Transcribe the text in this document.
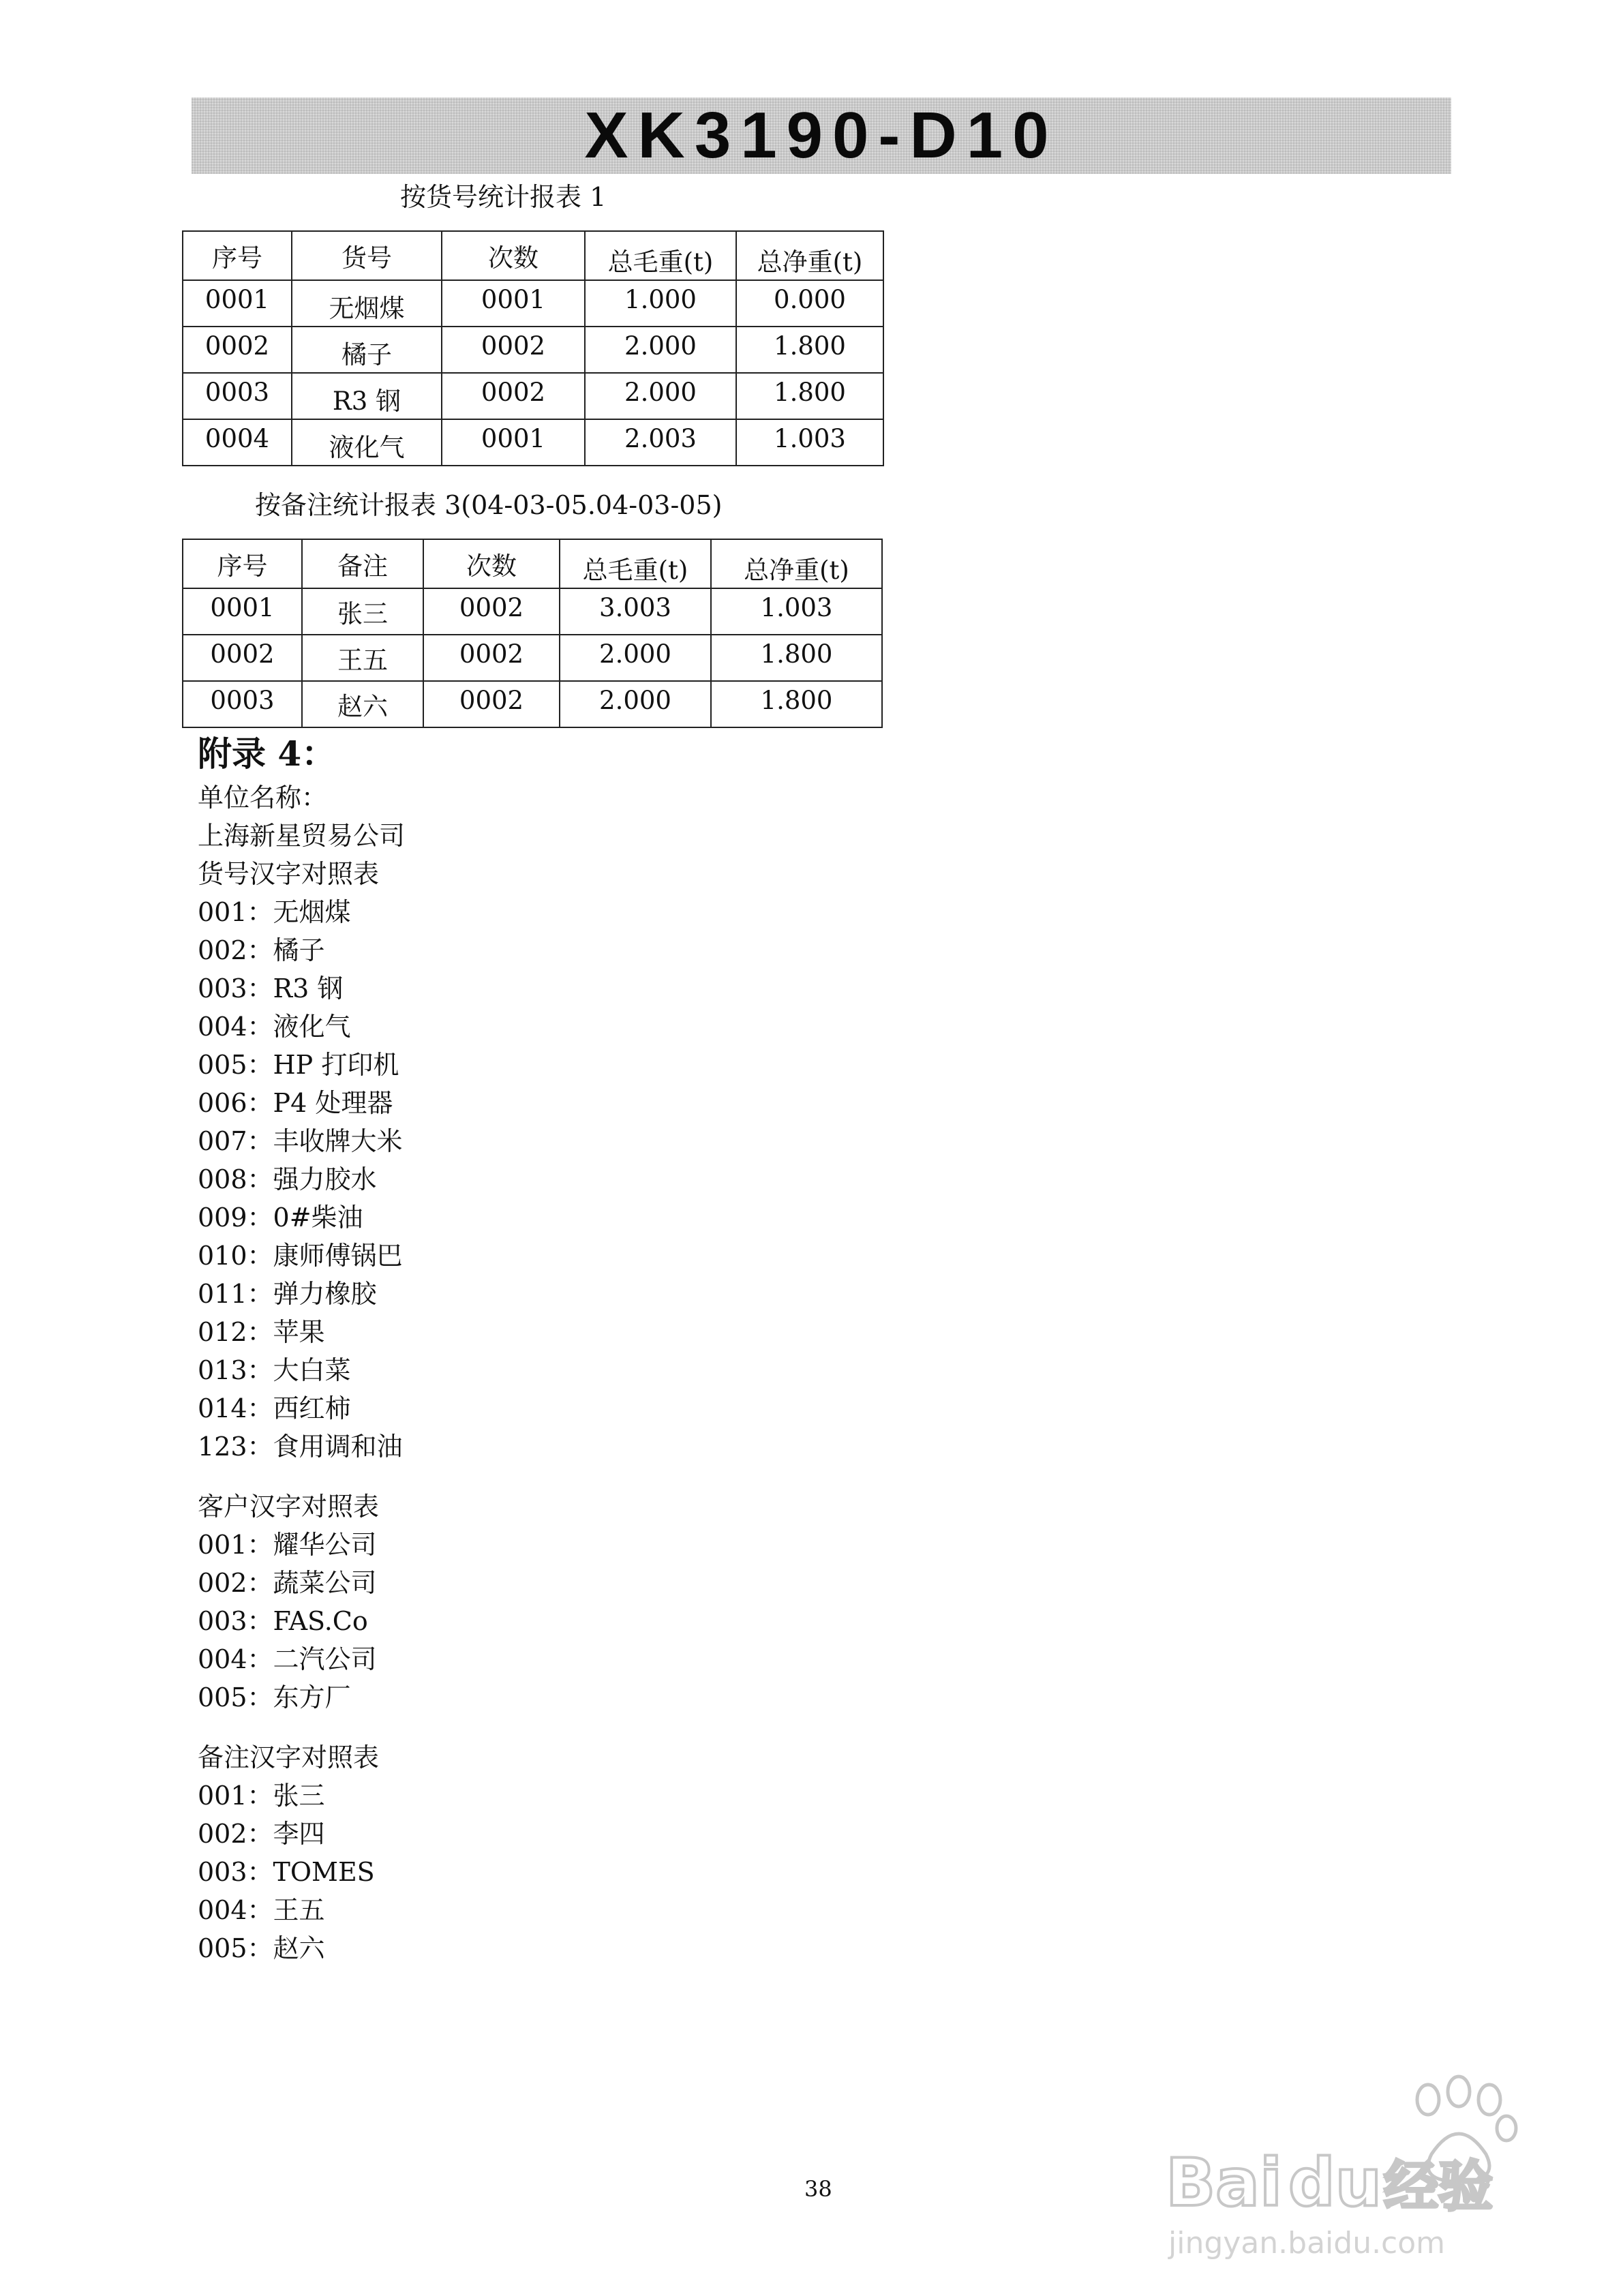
XK3190-D10
按货号统计报表 1
序号	货号	次数	总毛重(t)	总净重(t)
0001	无烟煤	0001	1.000	0.000
0002	橘子	0002	2.000	1.800
0003	R3 钢	0002	2.000	1.800
0004	液化气	0001	2.003	1.003
按备注统计报表 3(04-03-05.04-03-05)
序号	备注	次数	总毛重(t)	总净重(t)
0001	张三	0002	3.003	1.003
0002	王五	0002	2.000	1.800
0003	赵六	0002	2.000	1.800
附录 4：
单位名称：
上海新星贸易公司
货号汉字对照表
001：无烟煤
002：橘子
003：R3 钢
004：液化气
005：HP 打印机
006：P4 处理器
007：丰收牌大米
008：强力胶水
009：0#柴油
010：康师傅锅巴
011：弹力橡胶
012：苹果
013：大白菜
014：西红柿
123：食用调和油
客户汉字对照表
001：耀华公司
002：蔬菜公司
003：FAS.Co
004：二汽公司
005：东方厂
备注汉字对照表
001：张三
002：李四
003：TOMES
004：王五
005：赵六
38	Bai du 经验
jingyan.baidu.com
